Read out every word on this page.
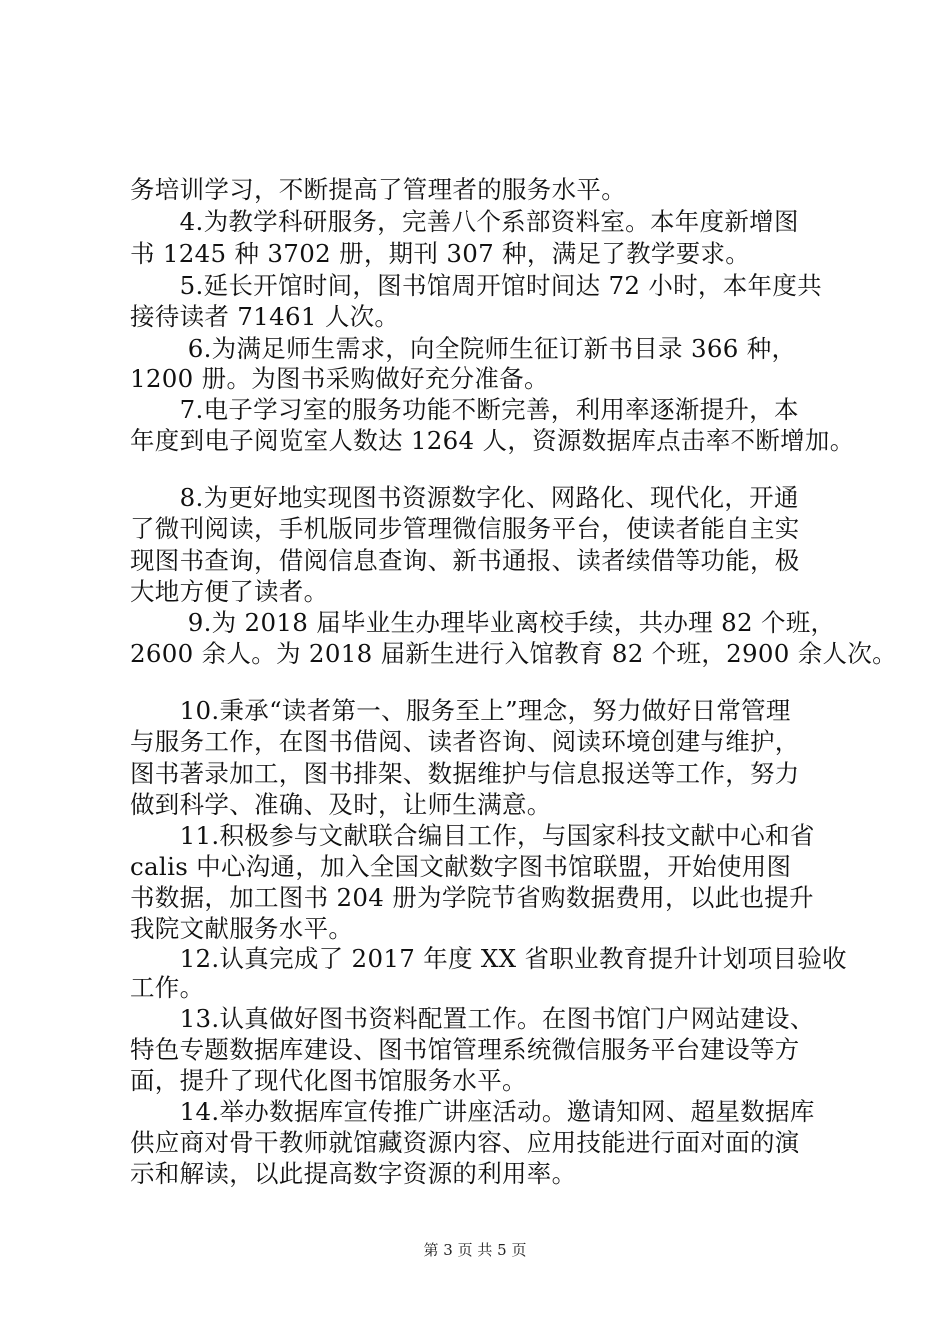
务培训学习，不断提高了管理者的服务水平。
　　4.为教学科研服务，完善八个系部资料室。本年度新增图
书 1245 种 3702 册，期刊 307 种，满足了教学要求。
　　5.延长开馆时间，图书馆周开馆时间达 72 小时，本年度共
接待读者 71461 人次。
　　 6.为满足师生需求，向全院师生征订新书目录 366 种，
1200 册。为图书采购做好充分准备。
　　7.电子学习室的服务功能不断完善，利用率逐渐提升，本
年度到电子阅览室人数达 1264 人，资源数据库点击率不断增加。
　　8.为更好地实现图书资源数字化、网路化、现代化，开通
了微刊阅读，手机版同步管理微信服务平台，使读者能自主实
现图书查询，借阅信息查询、新书通报、读者续借等功能，极
大地方便了读者。
　　 9.为 2018 届毕业生办理毕业离校手续，共办理 82 个班，
2600 余人。为 2018 届新生进行入馆教育 82 个班，2900 余人次。
　　10.秉承“读者第一、服务至上”理念，努力做好日常管理
与服务工作，在图书借阅、读者咨询、阅读环境创建与维护，
图书著录加工，图书排架、数据维护与信息报送等工作，努力
做到科学、准确、及时，让师生满意。
　　11.积极参与文献联合编目工作，与国家科技文献中心和省
calis 中心沟通，加入全国文献数字图书馆联盟，开始使用图
书数据，加工图书 204 册为学院节省购数据费用，以此也提升
我院文献服务水平。
　　12.认真完成了 2017 年度 XX 省职业教育提升计划项目验收
工作。
　　13.认真做好图书资料配置工作。在图书馆门户网站建设、
特色专题数据库建设、图书馆管理系统微信服务平台建设等方
面，提升了现代化图书馆服务水平。
　　14.举办数据库宣传推广讲座活动。邀请知网、超星数据库
供应商对骨干教师就馆藏资源内容、应用技能进行面对面的演
示和解读，以此提高数字资源的利用率。
第 3 页 共 5 页
